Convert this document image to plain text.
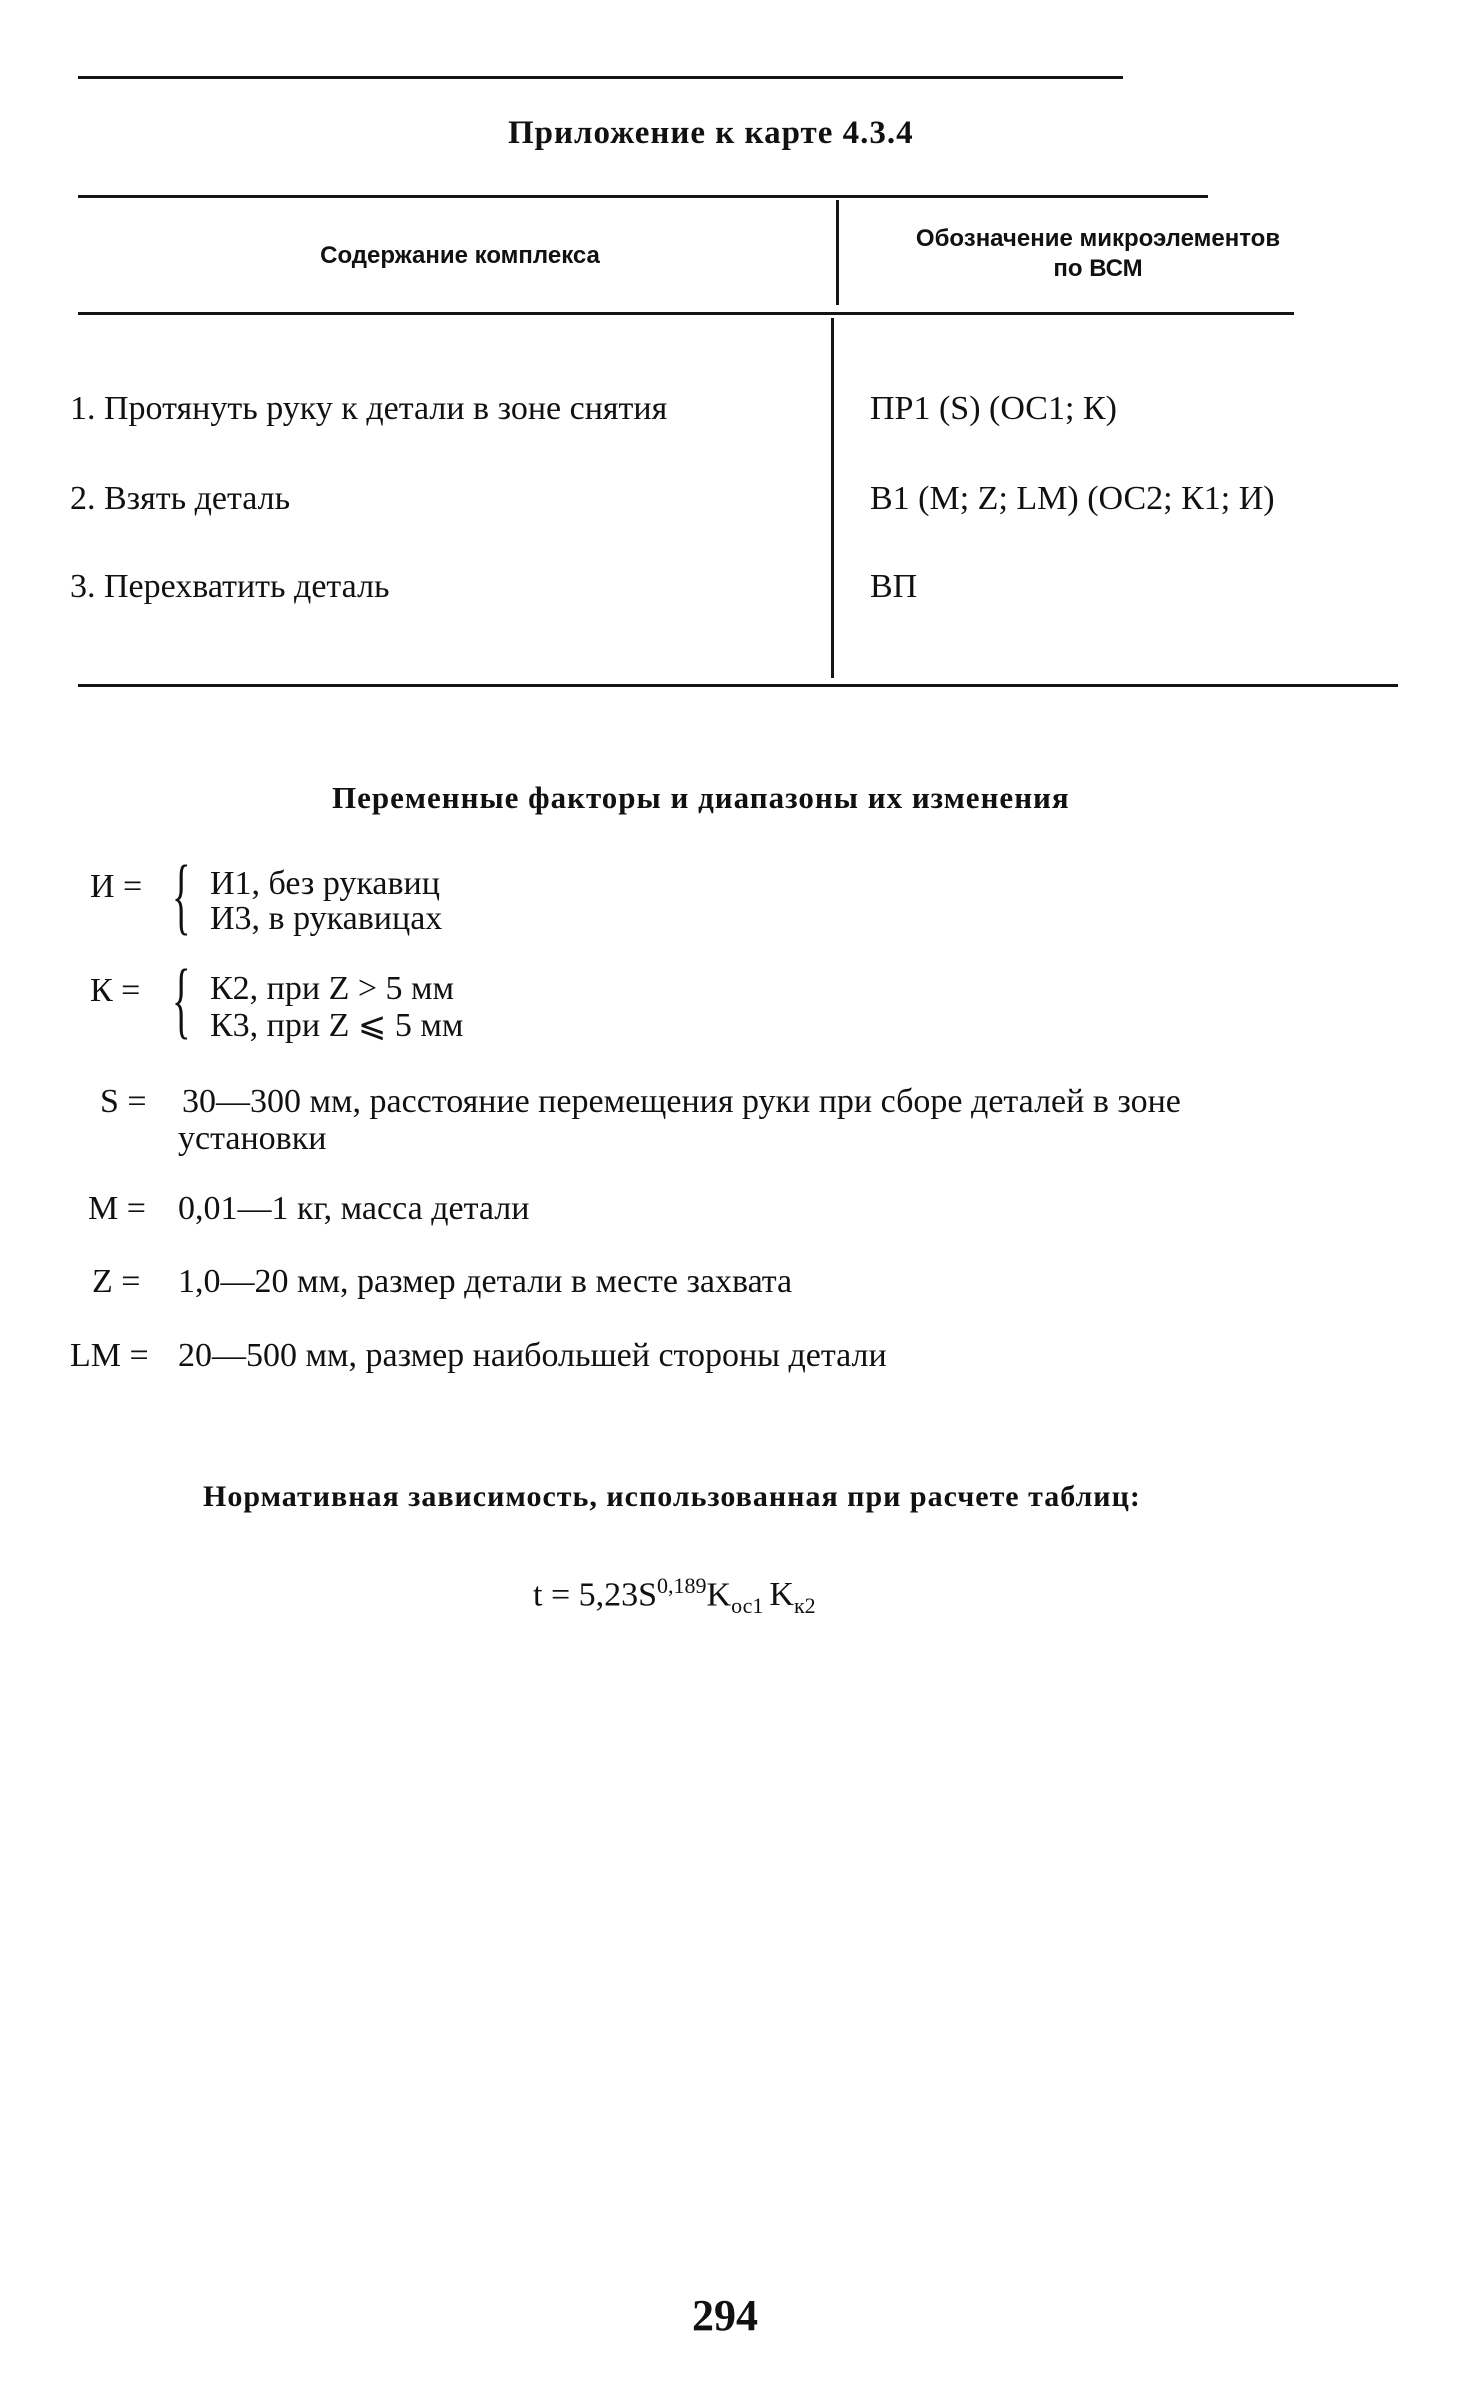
Приложение к карте 4.3.4
Содержание комплекса
Обозначение микроэлементов
по ВСМ
1. Протянуть руку к детали в зоне снятия	ПР1 (S) (ОС1; К)
2. Взять деталь	В1 (М; Z; LM) (ОС2; К1; И)
3. Перехватить деталь	ВП
Переменные факторы и диапазоны их изменения
И = { И1, без рукавиц
И3, в рукавицах
К = { К2, при Z > 5 мм
К3, при Z ⩽ 5 мм
S = 30—300 мм, расстояние перемещения руки при сборе деталей в зоне
установки
M = 0,01—1 кг, масса детали
Z = 1,0—20 мм, размер детали в месте захвата
LM = 20—500 мм, размер наибольшей стороны детали
Нормативная зависимость, использованная при расчете таблиц:
$t = 5,23S^{0,189}K_{ос1}$ $K_{к2}$
294
